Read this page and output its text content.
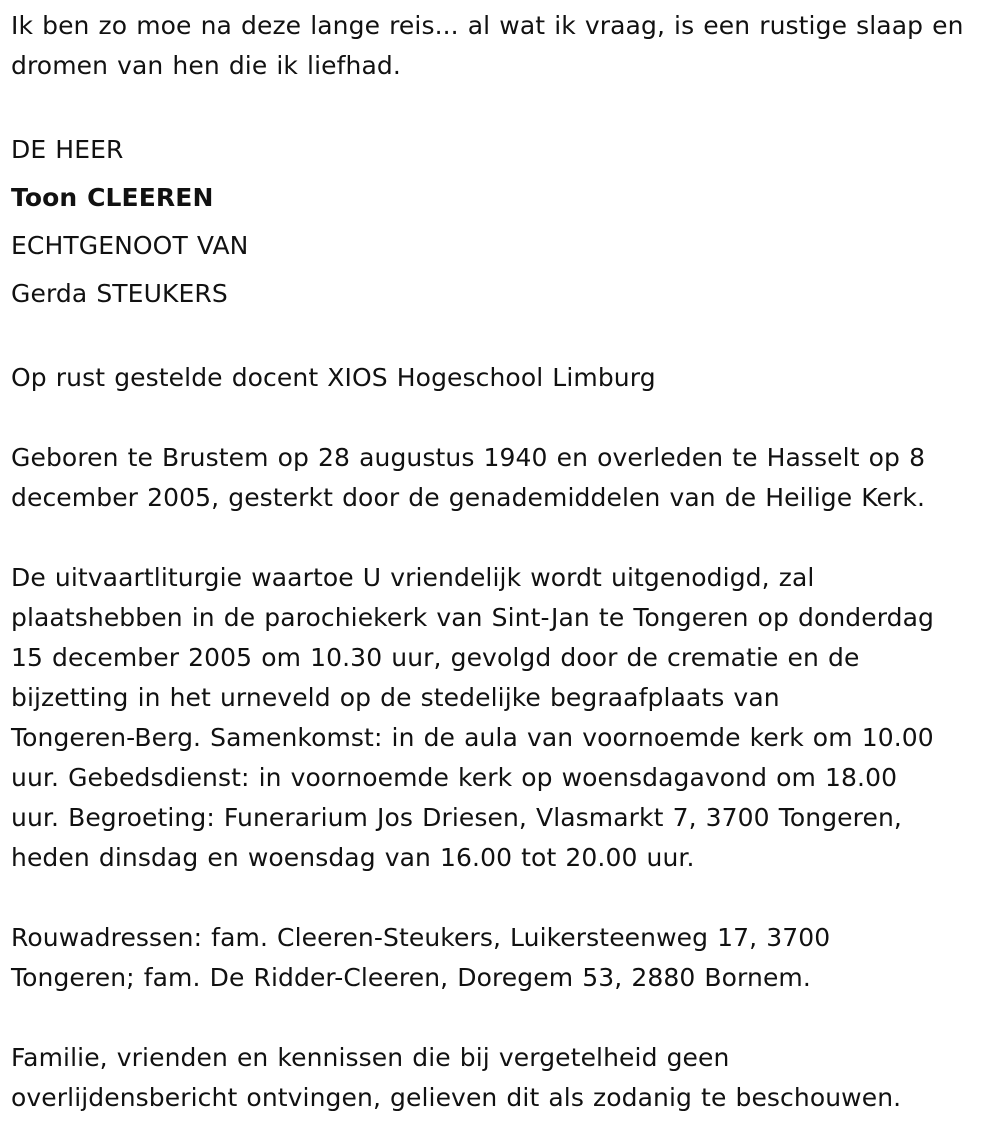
Ik ben zo moe na deze lange reis... al wat ik vraag, is een rustige slaap en
dromen van hen die ik liefhad.

DE HEER

Toon CLEEREN

ECHTGENOOT VAN

Gerda STEUKERS

Op rust gestelde docent XIOS Hogeschool Limburg

Geboren te Brustem op 28 augustus 1940 en overleden te Hasselt op 8
december 2005, gesterkt door de genademiddelen van de Heilige Kerk.

De uitvaartliturgie waartoe U vriendelijk wordt uitgenodigd, zal
plaatshebben in de parochiekerk van Sint-Jan te Tongeren op donderdag
15 december 2005 om 10.30 uur, gevolgd door de crematie en de
bijzetting in het urneveld op de stedelijke begraafplaats van
Tongeren-Berg. Samenkomst: in de aula van voornoemde kerk om 10.00
uur. Gebedsdienst: in voornoemde kerk op woensdagavond om 18.00
uur. Begroeting: Funerarium Jos Driesen, Vlasmarkt 7, 3700 Tongeren,
heden dinsdag en woensdag van 16.00 tot 20.00 uur.

Rouwadressen: fam. Cleeren-Steukers, Luikersteenweg 17, 3700
Tongeren; fam. De Ridder-Cleeren, Doregem 53, 2880 Bornem.

Familie, vrienden en kennissen die bij vergetelheid geen
overlijdensbericht ontvingen, gelieven dit als zodanig te beschouwen.
